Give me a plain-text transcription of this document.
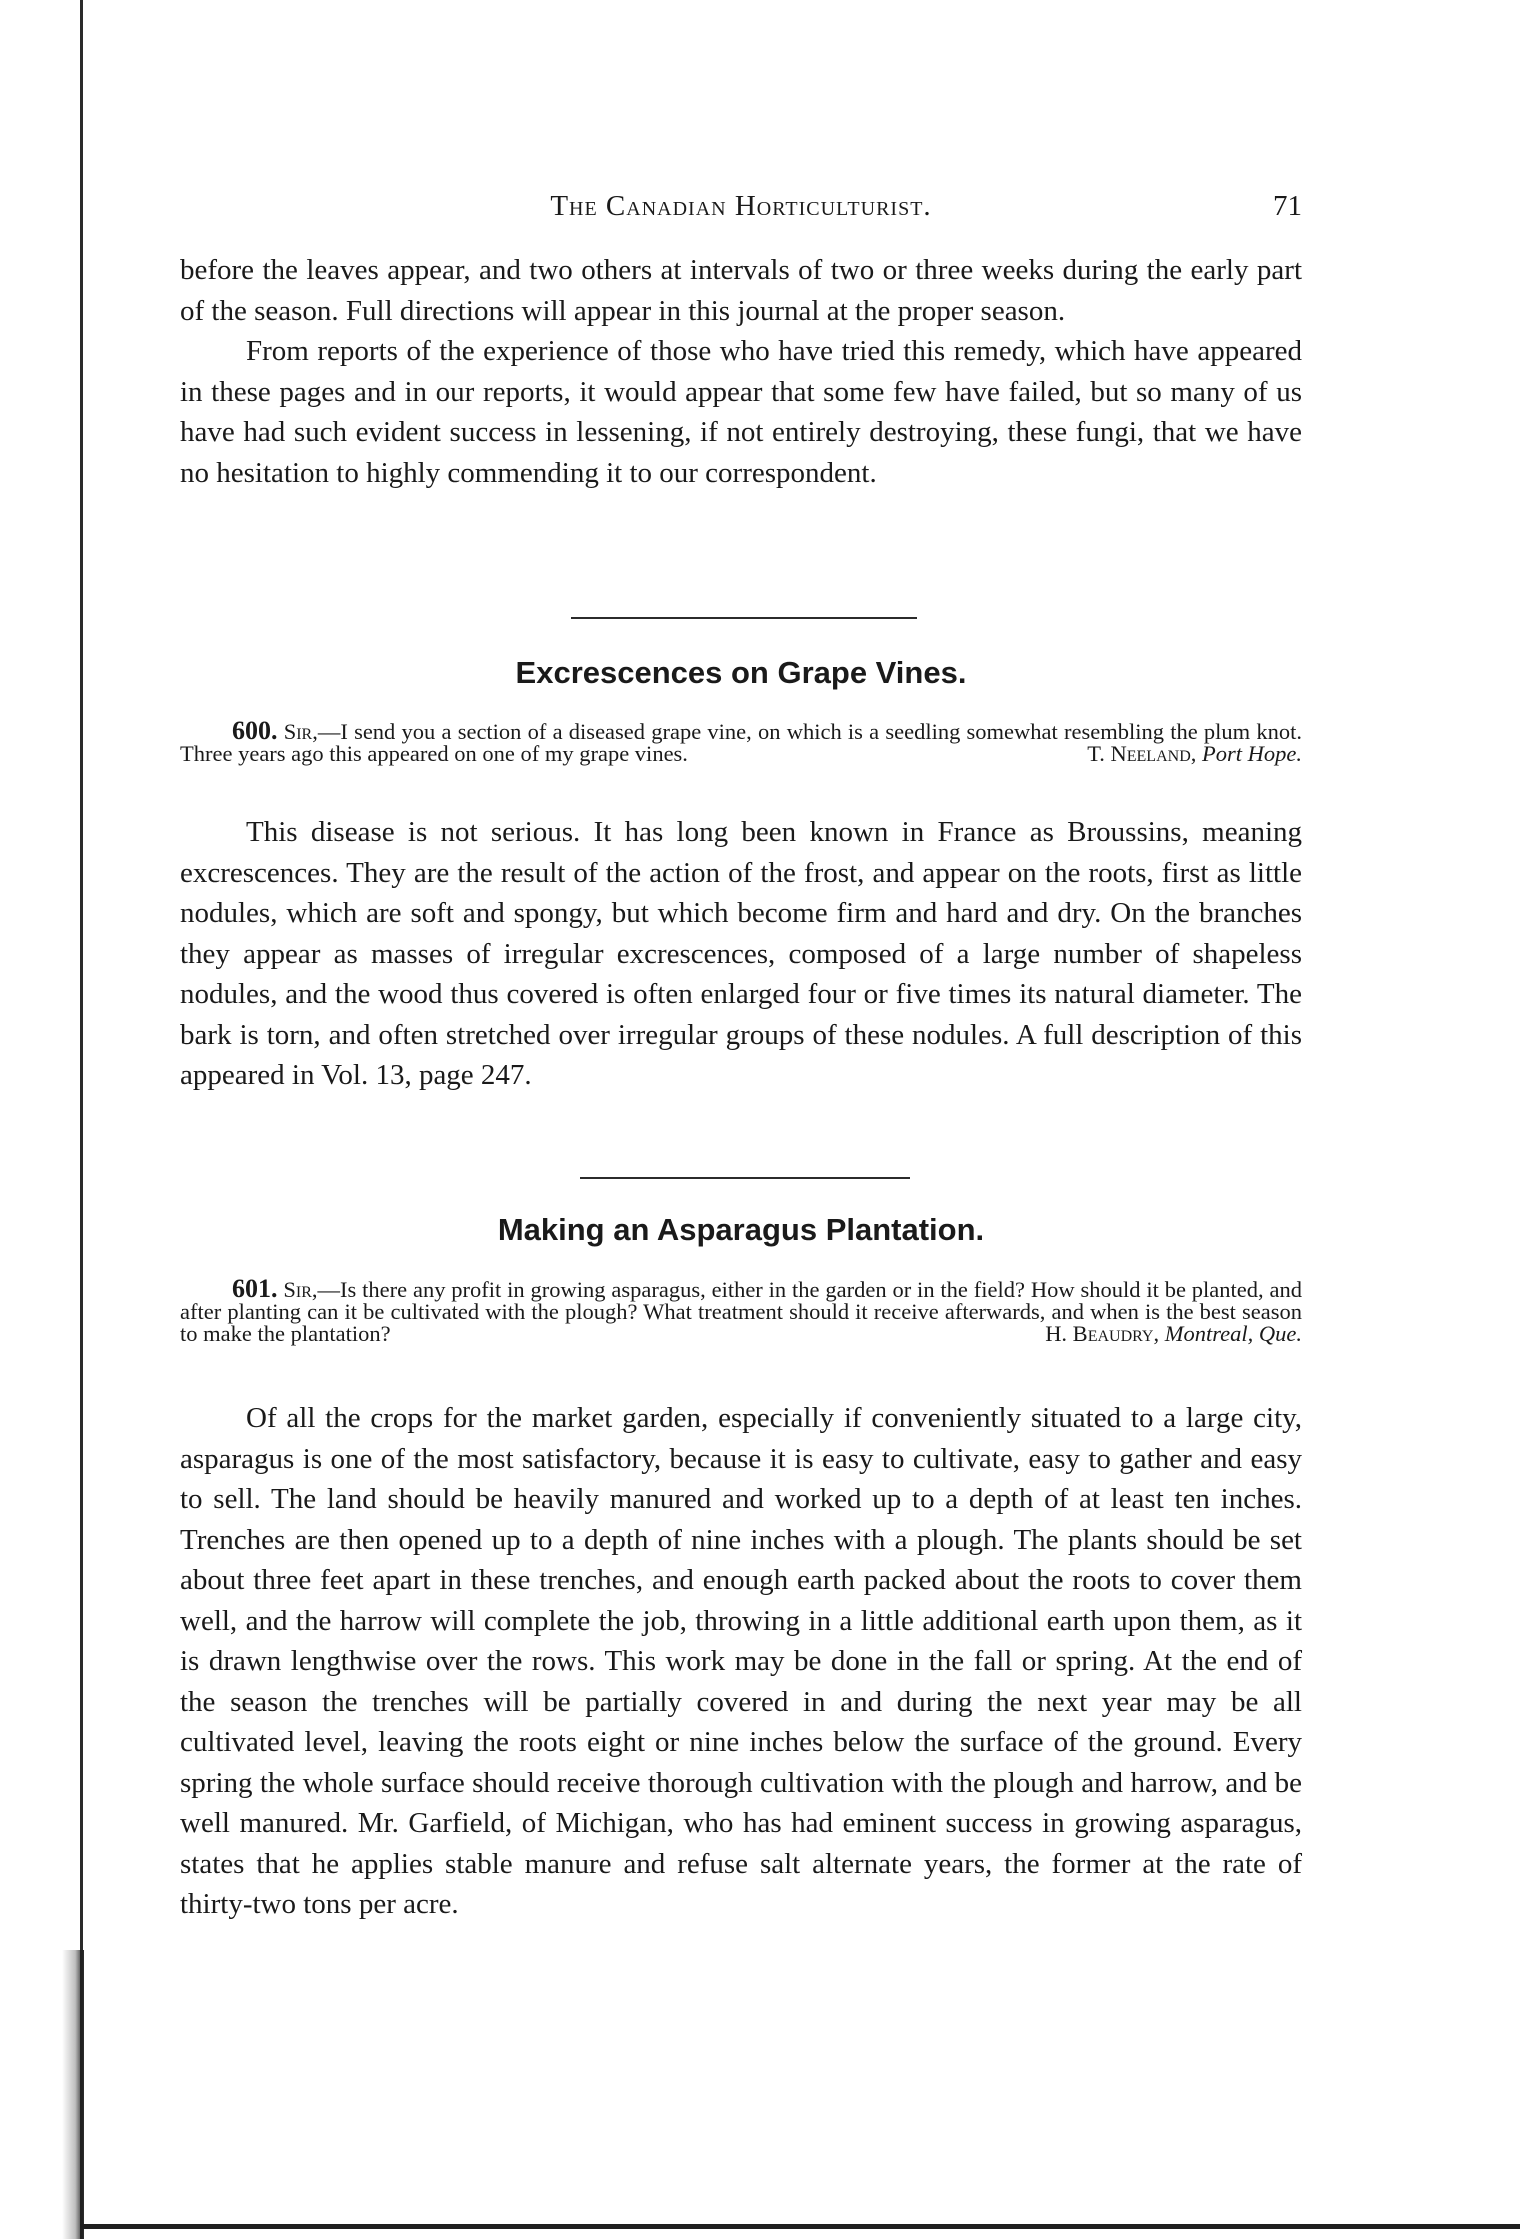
The Canadian Horticulturist.	71

before the leaves appear, and two others at intervals of two or three weeks during the early part of the season. Full directions will appear in this journal at the proper season.

From reports of the experience of those who have tried this remedy, which have appeared in these pages and in our reports, it would appear that some few have failed, but so many of us have had such evident success in lessening, if not entirely destroying, these fungi, that we have no hesitation to highly commending it to our correspondent.

Excrescences on Grape Vines.

600. Sir,—I send you a section of a diseased grape vine, on which is a seedling somewhat resembling the plum knot. Three years ago this appeared on one of my grape vines.	T. Neeland, Port Hope.

This disease is not serious. It has long been known in France as Broussins, meaning excrescences. They are the result of the action of the frost, and appear on the roots, first as little nodules, which are soft and spongy, but which become firm and hard and dry. On the branches they appear as masses of irregular excrescences, composed of a large number of shapeless nodules, and the wood thus covered is often enlarged four or five times its natural diameter. The bark is torn, and often stretched over irregular groups of these nodules. A full description of this appeared in Vol. 13, page 247.

Making an Asparagus Plantation.

601. Sir,—Is there any profit in growing asparagus, either in the garden or in the field? How should it be planted, and after planting can it be cultivated with the plough? What treatment should it receive afterwards, and when is the best season to make the plantation?	H. Beaudry, Montreal, Que.

Of all the crops for the market garden, especially if conveniently situated to a large city, asparagus is one of the most satisfactory, because it is easy to cultivate, easy to gather and easy to sell. The land should be heavily manured and worked up to a depth of at least ten inches. Trenches are then opened up to a depth of nine inches with a plough. The plants should be set about three feet apart in these trenches, and enough earth packed about the roots to cover them well, and the harrow will complete the job, throwing in a little additional earth upon them, as it is drawn lengthwise over the rows. This work may be done in the fall or spring. At the end of the season the trenches will be partially covered in and during the next year may be all cultivated level, leaving the roots eight or nine inches below the surface of the ground. Every spring the whole surface should receive thorough cultivation with the plough and harrow, and be well manured. Mr. Garfield, of Michigan, who has had eminent success in growing asparagus, states that he applies stable manure and refuse salt alternate years, the former at the rate of thirty-two tons per acre.
